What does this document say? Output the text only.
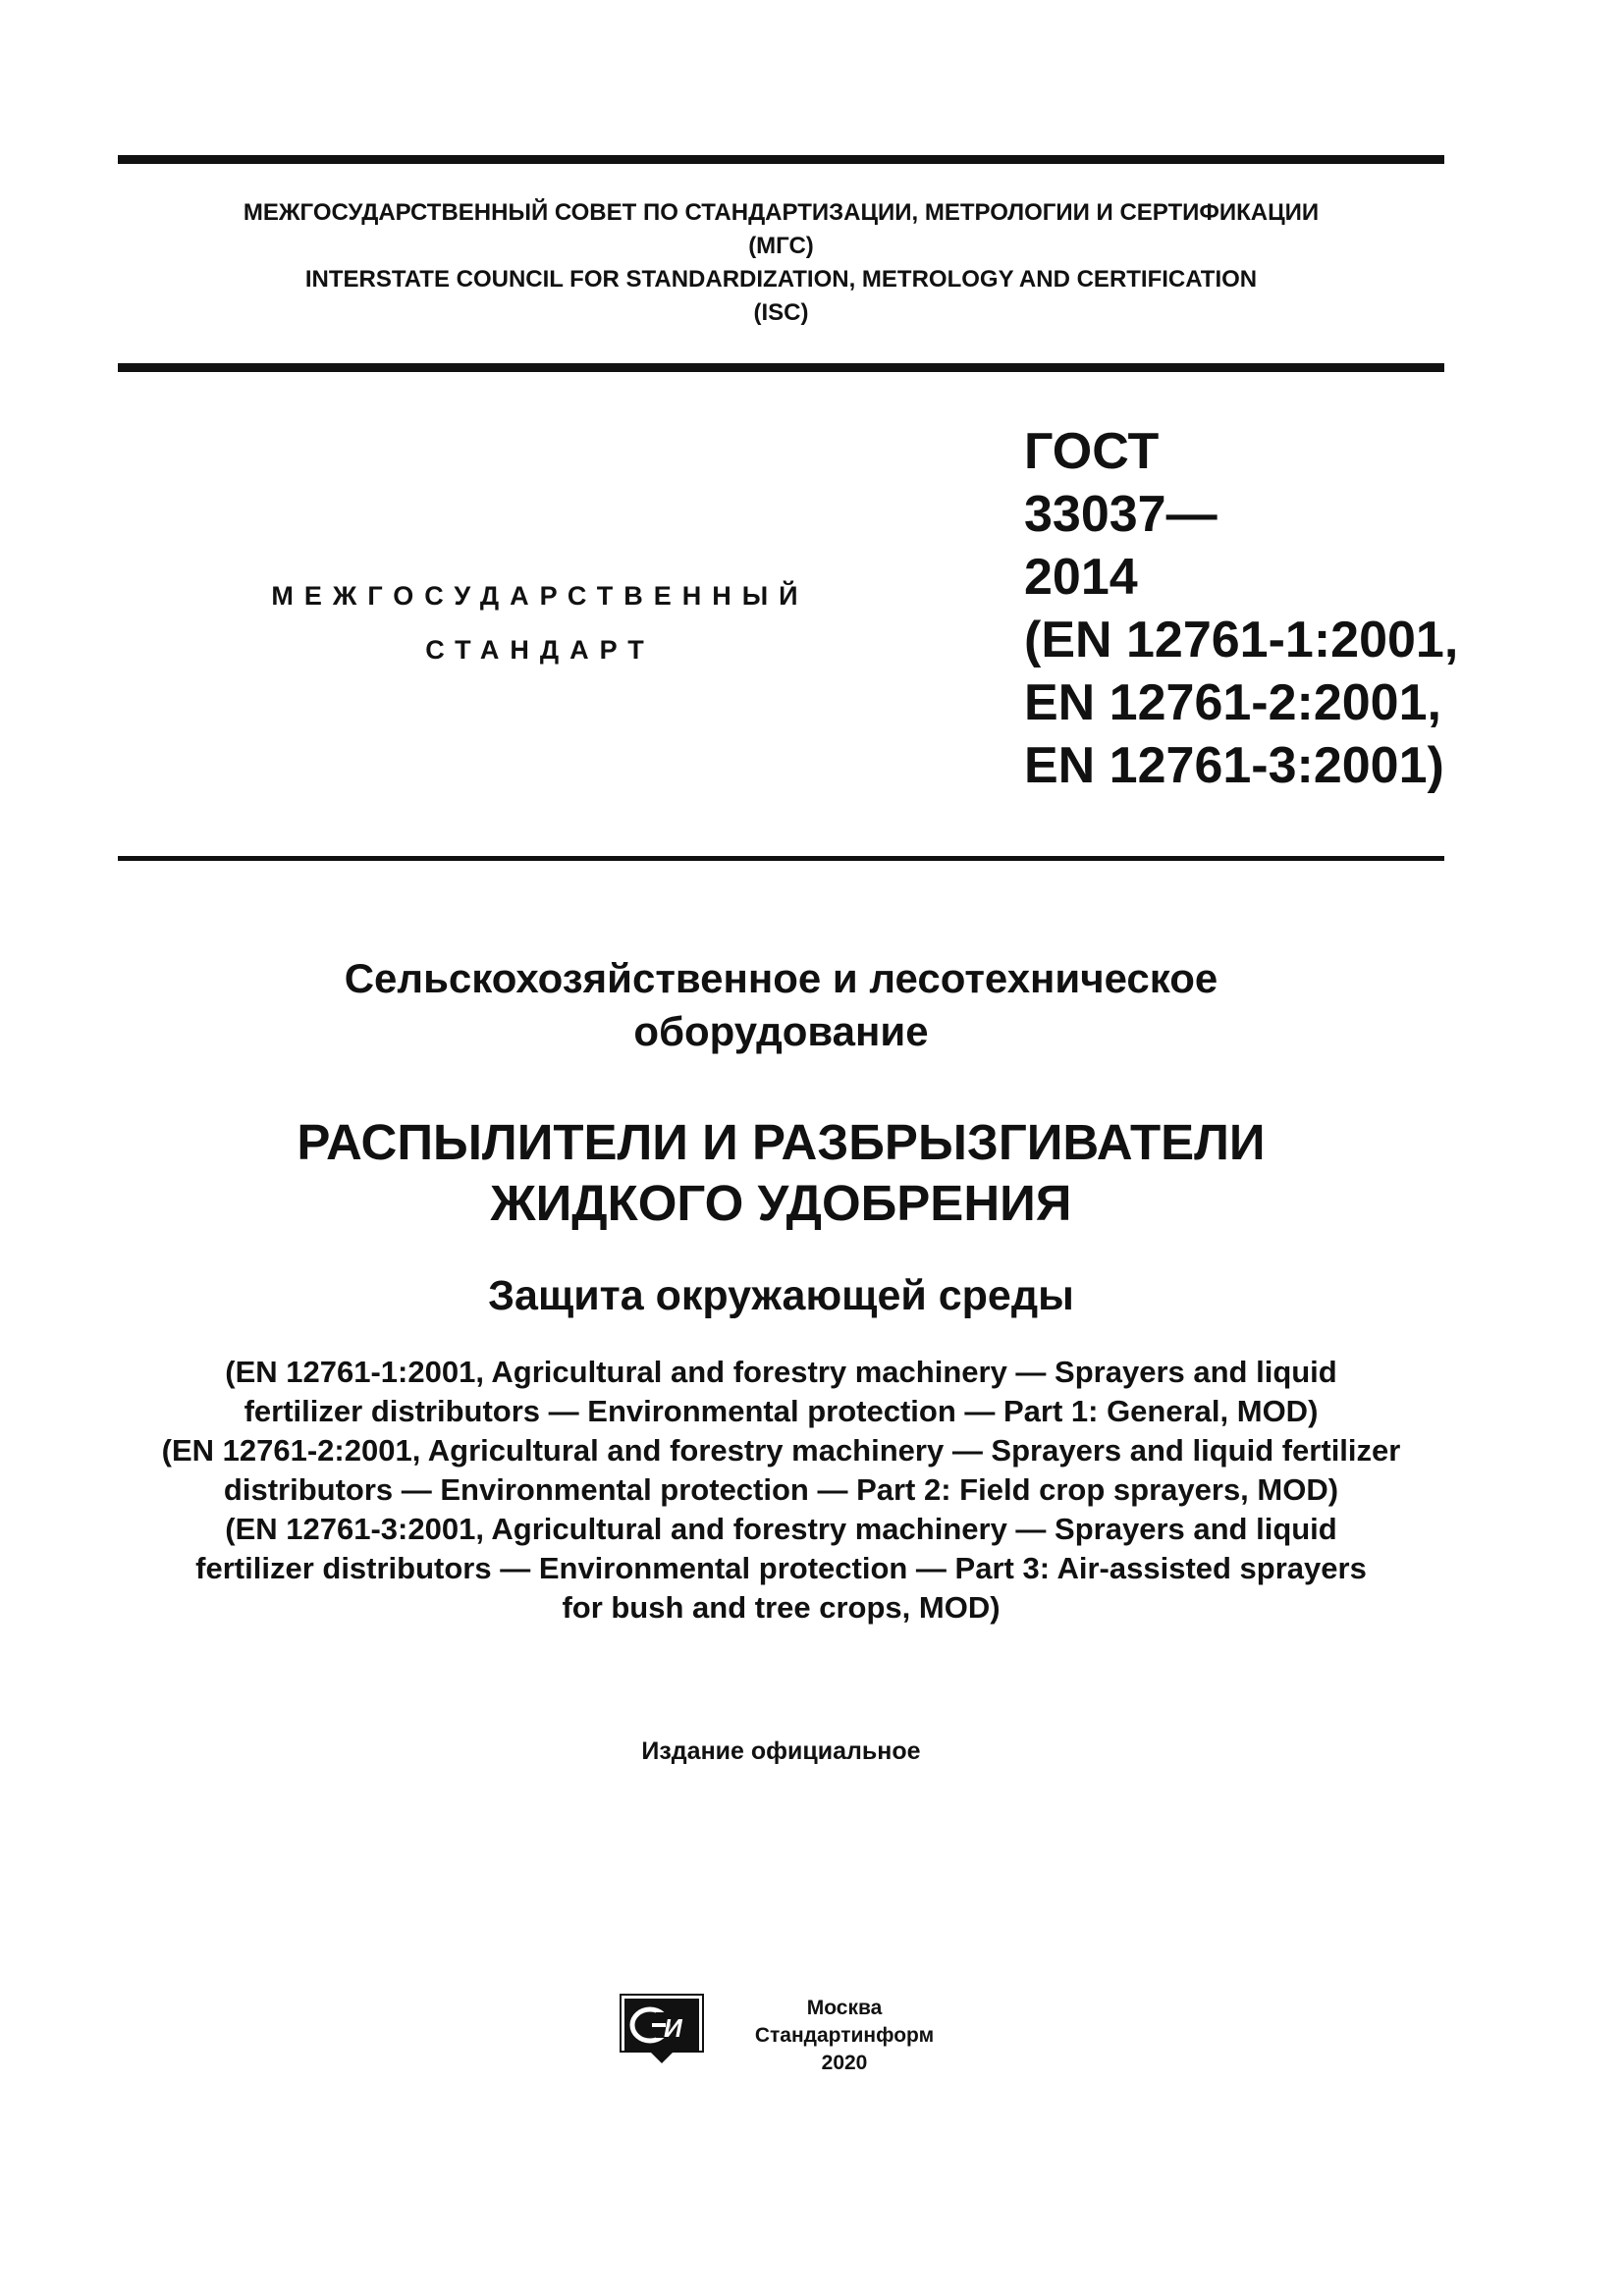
МЕЖГОСУДАРСТВЕННЫЙ СОВЕТ ПО СТАНДАРТИЗАЦИИ, МЕТРОЛОГИИ И СЕРТИФИКАЦИИ
(МГС)
INTERSTATE COUNCIL FOR STANDARDIZATION, METROLOGY AND CERTIFICATION
(ISC)
МЕЖГОСУДАРСТВЕННЫЙ
СТАНДАРТ
ГОСТ
33037—
2014
(EN 12761-1:2001,
EN 12761-2:2001,
EN 12761-3:2001)
Сельскохозяйственное и лесотехническое
оборудование
РАСПЫЛИТЕЛИ И РАЗБРЫЗГИВАТЕЛИ
ЖИДКОГО УДОБРЕНИЯ
Защита окружающей среды
(EN 12761-1:2001, Agricultural and forestry machinery — Sprayers and liquid
fertilizer distributors — Environmental protection — Part 1: General, MOD)
(EN 12761-2:2001, Agricultural and forestry machinery — Sprayers and liquid fertilizer
distributors — Environmental protection — Part 2: Field crop sprayers, MOD)
(EN 12761-3:2001, Agricultural and forestry machinery — Sprayers and liquid
fertilizer distributors — Environmental protection — Part 3: Air-assisted sprayers
for bush and tree crops, MOD)
Издание официальное
И
Москва
Стандартинформ
2020
